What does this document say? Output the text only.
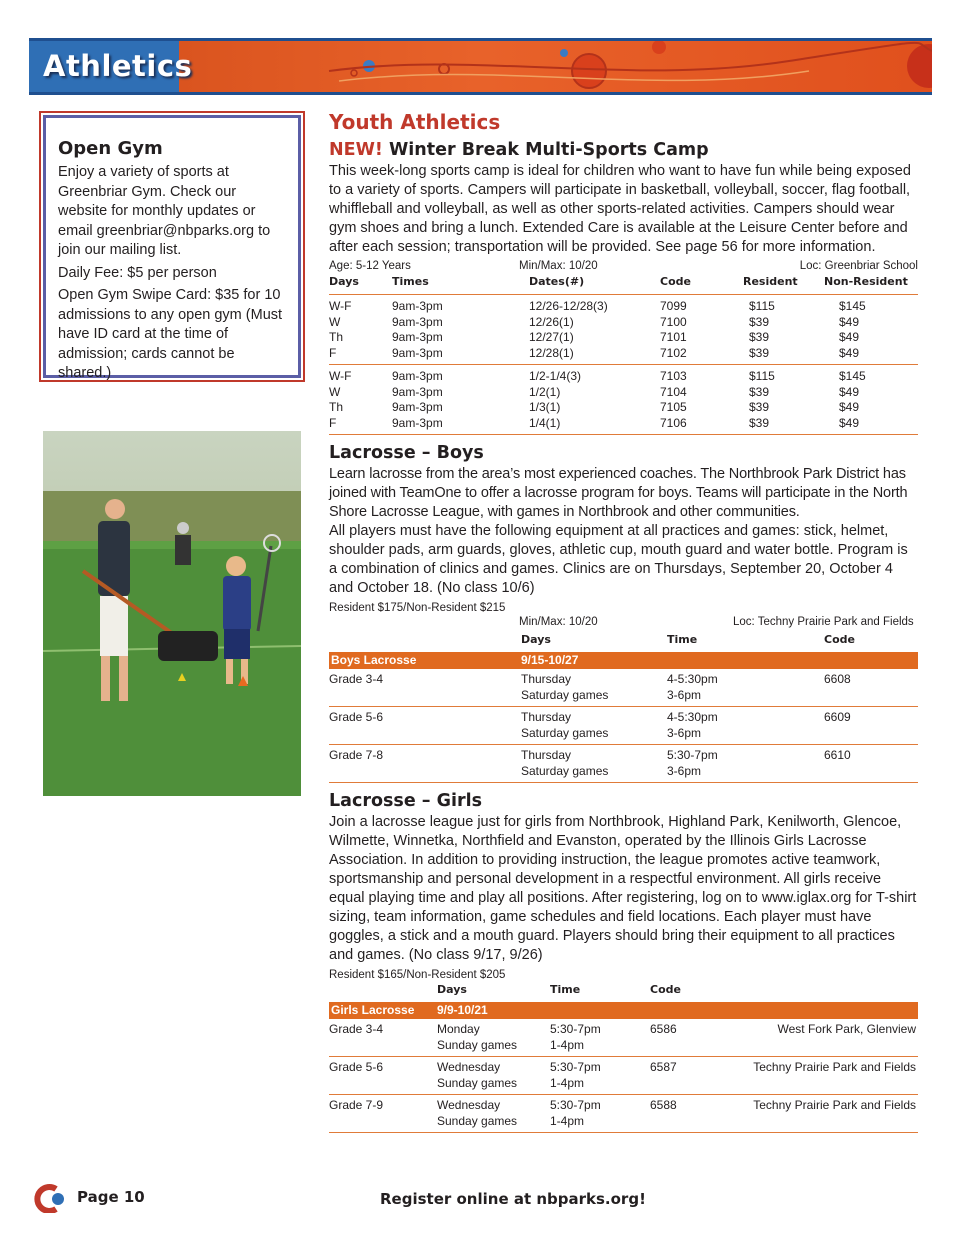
Athletics
Open Gym

Enjoy a variety of sports at Greenbriar Gym. Check our website for monthly updates or email greenbriar@nbparks.org to join our mailing list.

Daily Fee: $5 per person

Open Gym Swipe Card: $35 for 10 admissions to any open gym (Must have ID card at the time of admission; cards cannot be shared.)

Youth Athletics
NEW! Winter Break Multi-Sports Camp
This week-long sports camp is ideal for children who want to have fun while being exposed to a variety of sports. Campers will participate in basketball, volleyball, soccer, flag football, whiffleball and volleyball, as well as other sports-related activities. Campers should wear gym shoes and bring a lunch. Extended Care is available at the Leisure Center before and after each session; transportation will be provided. See page 56 for more information.
Age: 5-12 Years	Min/Max: 10/20	Loc: Greenbriar School
Days	Times	Dates(#)	Code	Resident Non-Resident
W-F	9am-3pm	12/26-12/28(3)	7099	$115	$145
W	9am-3pm	12/26(1)	7100	$39	$49
Th	9am-3pm	12/27(1)	7101	$39	$49
F	9am-3pm	12/28(1)	7102	$39	$49
W-F	9am-3pm	1/2-1/4(3)	7103	$115	$145
W	9am-3pm	1/2(1)	7104	$39	$49
Th	9am-3pm	1/3(1)	7105	$39	$49
F	9am-3pm	1/4(1)	7106	$39	$49
Lacrosse – Boys
Learn lacrosse from the area’s most experienced coaches. The Northbrook Park District has joined with TeamOne to offer a lacrosse program for boys. Teams will participate in the North Shore Lacrosse League, with games in Northbrook and other communities.
All players must have the following equipment at all practices and games: stick, helmet, shoulder pads, arm guards, gloves, athletic cup, mouth guard and water bottle. Program is a combination of clinics and games. Clinics are on Thursdays, September 20, October 4 and October 18. (No class 10/6)
Resident $175/Non-Resident $215
Min/Max: 10/20	Loc: Techny Prairie Park and Fields
Days	Time	Code
Boys Lacrosse	9/15-10/27
Grade 3-4	Thursday	4-5:30pm	6608
Saturday games	3-6pm
Grade 5-6	Thursday	4-5:30pm	6609
Saturday games	3-6pm
Grade 7-8	Thursday	5:30-7pm	6610
Saturday games	3-6pm
Lacrosse – Girls
Join a lacrosse league just for girls from Northbrook, Highland Park, Kenilworth, Glencoe, Wilmette, Winnetka, Northfield and Evanston, operated by the Illinois Girls Lacrosse Association. In addition to providing instruction, the league promotes active teamwork, sportsmanship and personal development in a respectful environment. All girls receive equal playing time and play all positions. After registering, log on to www.iglax.org for T-shirt sizing, team information, game schedules and field locations. Each player must have goggles, a stick and a mouth guard. Players should bring their equipment to all practices and games. (No class 9/17, 9/26)
Resident $165/Non-Resident $205
Days	Time	Code
Girls Lacrosse 9/9-10/21
Grade 3-4	Monday	5:30-7pm	6586	West Fork Park, Glenview
Sunday games	1-4pm
Grade 5-6	Wednesday	5:30-7pm	6587	Techny Prairie Park and Fields
Sunday games	1-4pm
Grade 7-9	Wednesday	5:30-7pm	6588	Techny Prairie Park and Fields
Sunday games	1-4pm
Page 10	Register online at nbparks.org!
